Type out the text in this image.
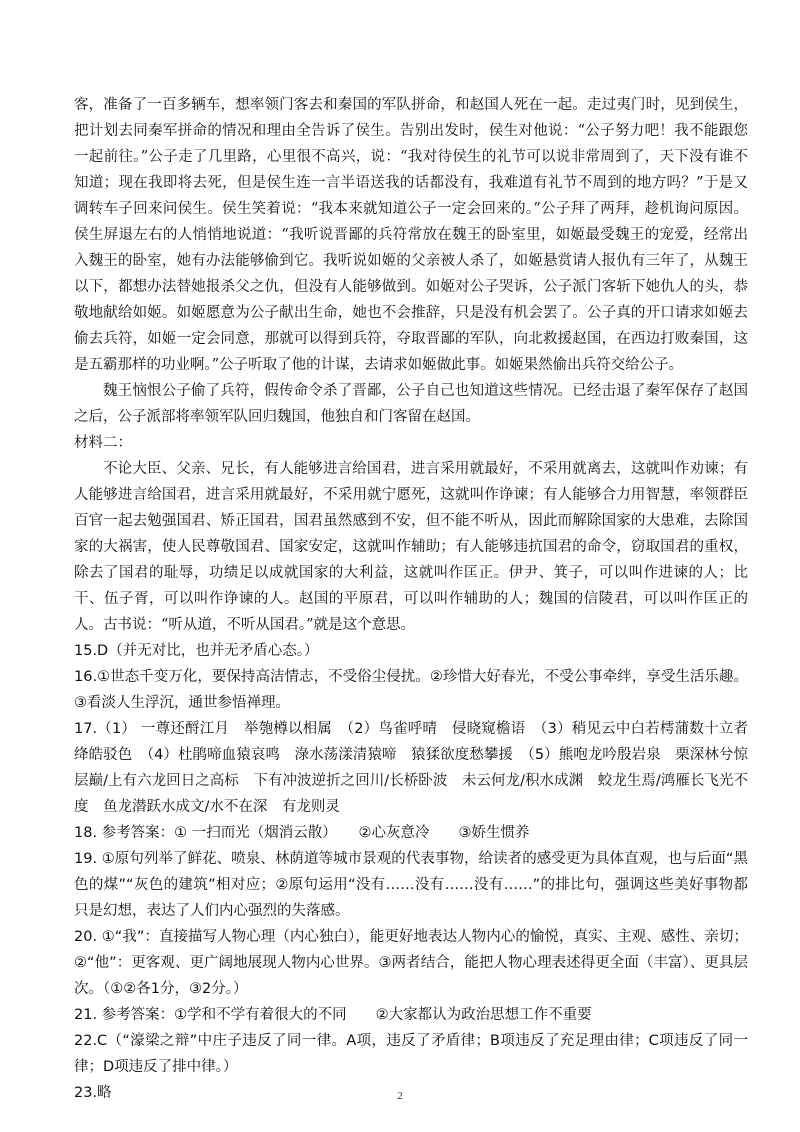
客，准备了一百多辆车，想率领门客去和秦国的军队拼命，和赵国人死在一起。走过夷门时，见到侯生，把计划去同秦军拼命的情况和理由全告诉了侯生。告别出发时，侯生对他说：“公子努力吧！我不能跟您一起前往。”公子走了几里路，心里很不高兴，说：“我对待侯生的礼节可以说非常周到了，天下没有谁不知道；现在我即将去死，但是侯生连一言半语送我的话都没有，我难道有礼节不周到的地方吗？”于是又调转车子回来问侯生。侯生笑着说：“我本来就知道公子一定会回来的。”公子拜了两拜，趁机询问原因。侯生屏退左右的人悄悄地说道：“我听说晋鄙的兵符常放在魏王的卧室里，如姬最受魏王的宠爱，经常出入魏王的卧室，她有办法能够偷到它。我听说如姬的父亲被人杀了，如姬悬赏请人报仇有三年了，从魏王以下，都想办法替她报杀父之仇，但没有人能够做到。如姬对公子哭诉，公子派门客斩下她仇人的头，恭敬地献给如姬。如姬愿意为公子献出生命，她也不会推辞，只是没有机会罢了。公子真的开口请求如姬去偷去兵符，如姬一定会同意，那就可以得到兵符，夺取晋鄙的军队，向北救援赵国，在西边打败秦国，这是五霸那样的功业啊。”公子听取了他的计谋，去请求如姬做此事。如姬果然偷出兵符交给公子。

魏王恼恨公子偷了兵符，假传命令杀了晋鄙，公子自己也知道这些情况。已经击退了秦军保存了赵国之后，公子派部将率领军队回归魏国，他独自和门客留在赵国。

材料二：

不论大臣、父亲、兄长，有人能够进言给国君，进言采用就最好，不采用就离去，这就叫作劝谏；有人能够进言给国君，进言采用就最好，不采用就宁愿死，这就叫作诤谏；有人能够合力用智慧，率领群臣百官一起去勉强国君、矫正国君，国君虽然感到不安，但不能不听从，因此而解除国家的大患难，去除国家的大祸害，使人民尊敬国君、国家安定，这就叫作辅助；有人能够违抗国君的命令，窃取国君的重权，除去了国君的耻辱，功绩足以成就国家的大利益，这就叫作匡正。伊尹、箕子，可以叫作进谏的人；比干、伍子胥，可以叫作诤谏的人。赵国的平原君，可以叫作辅助的人；魏国的信陵君，可以叫作匡正的人。古书说：“听从道，不听从国君。”就是这个意思。

15.D（并无对比，也并无矛盾心态。）

16.①世态千变万化，要保持高洁情志，不受俗尘侵扰。②珍惜大好春光，不受公事牵绊，享受生活乐趣。③看淡人生浮沉，通世参悟禅理。

17.（1） 一尊还酹江月　举匏樽以相属　（2）鸟雀呼晴　侵晓窥檐语　（3）稍见云中白若樗蒲数十立者　绛皓驳色　（4）杜鹃啼血猿哀鸣　淥水荡漾清猿啼　猿猱欲度愁攀援　（5）熊咆龙吟殷岩泉　栗深林兮惊层巅/上有六龙回日之高标　下有冲波逆折之回川/长桥卧波　未云何龙/积水成渊　蛟龙生焉/鸿雁长飞光不度　鱼龙潜跃水成文/水不在深　有龙则灵

18. 参考答案：① 一扫而光（烟消云散）　　②心灰意冷　　③娇生惯养

19. ①原句列举了鲜花、喷泉、林荫道等城市景观的代表事物，给读者的感受更为具体直观，也与后面“黑色的煤”“灰色的建筑”相对应；②原句运用“没有……没有……没有……”的排比句，强调这些美好事物都只是幻想，表达了人们内心强烈的失落感。

20. ①“我”：直接描写人物心理（内心独白），能更好地表达人物内心的愉悦，真实、主观、感性、亲切；②“他”：更客观、更广阔地展现人物内心世界。③两者结合，能把人物心理表述得更全面（丰富）、更具层次。（①②各1分，③2分。）

21. 参考答案：①学和不学有着很大的不同　　②大家都认为政治思想工作不重要

22.C（“濠梁之辩”中庄子违反了同一律。A项，违反了矛盾律；B项违反了充足理由律；C项违反了同一律；D项违反了排中律。）

23.略	2
